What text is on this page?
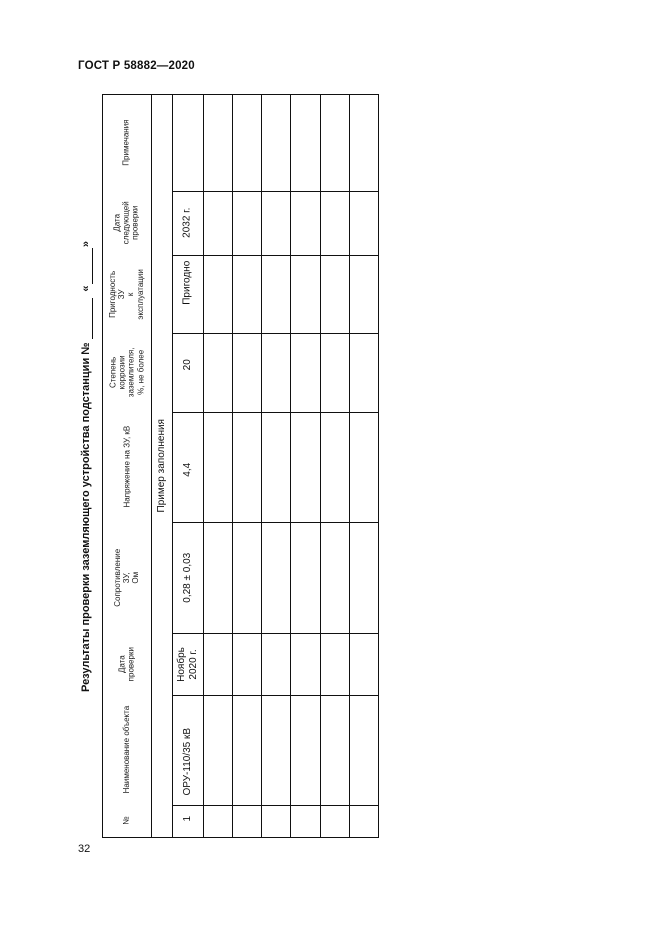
ГОСТ Р 58882—2020
Результаты проверки заземляющего устройства подстанции №
«
»
№
Наименование объекта
Дата
проверки
Сопротивление ЗУ,
Ом
Напряжение на ЗУ, кВ
Степень
коррозии
заземлителя,
%, не более
Пригодность ЗУ
к эксплуатации
Дата
следующей
проверки
Примечания
Пример заполнения
1
ОРУ-110/35 кВ
Ноябрь
2020 г.
0,28 ± 0,03
4,4
20
Пригодно
2032 г.
32
